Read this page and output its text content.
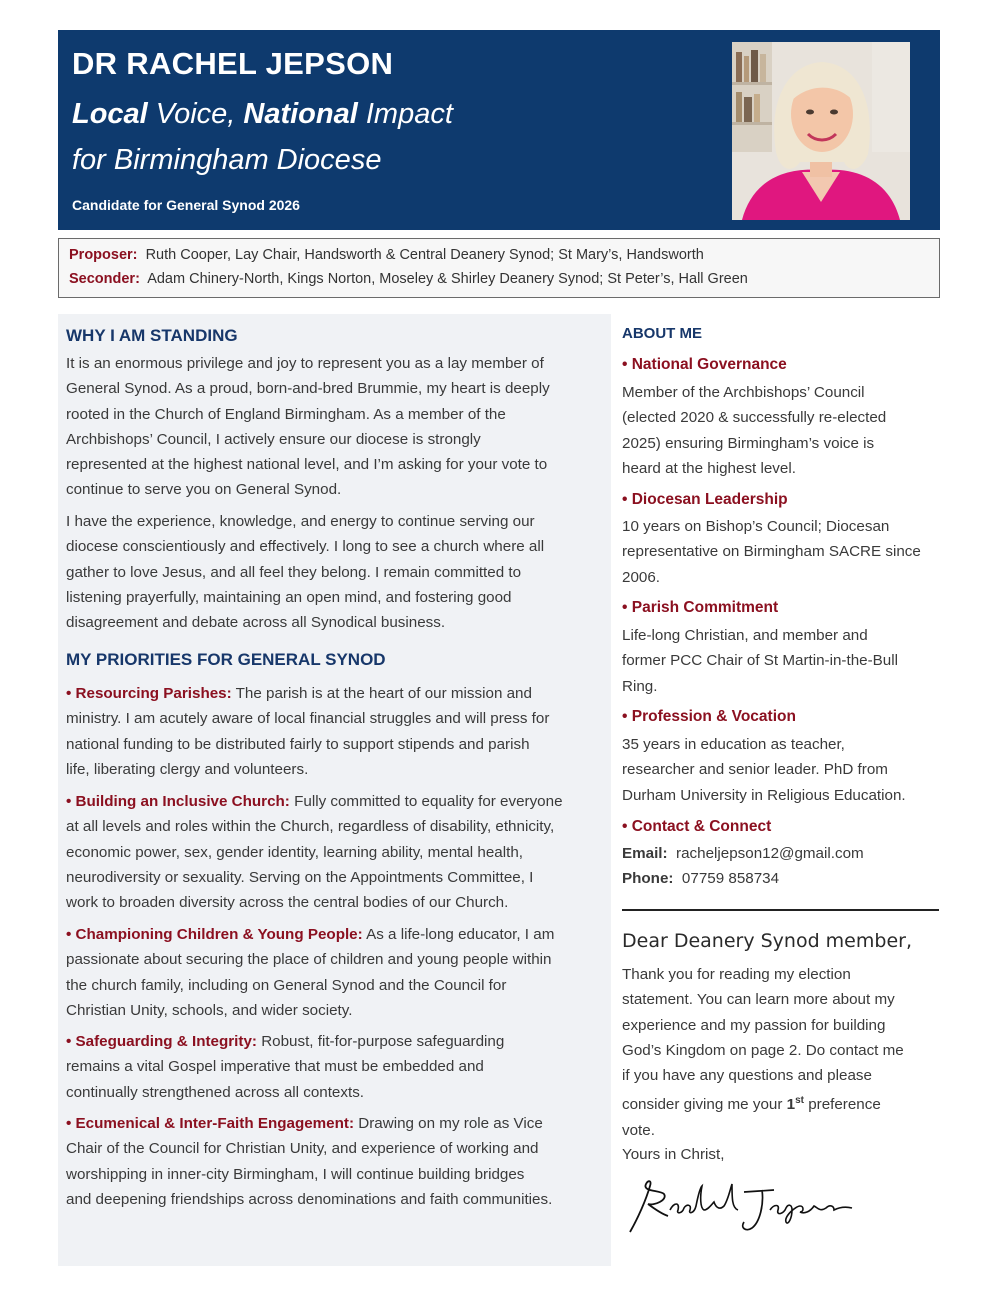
DR RACHEL JEPSON
Local Voice, National Impact
for Birmingham Diocese
Candidate for General Synod 2026
Proposer: Ruth Cooper, Lay Chair, Handsworth & Central Deanery Synod; St Mary’s, Handsworth
Seconder: Adam Chinery-North, Kings Norton, Moseley & Shirley Deanery Synod; St Peter’s, Hall Green
WHY I AM STANDING
It is an enormous privilege and joy to represent you as a lay member of
General Synod. As a proud, born-and-bred Brummie, my heart is deeply
rooted in the Church of England Birmingham. As a member of the
Archbishops’ Council, I actively ensure our diocese is strongly
represented at the highest national level, and I’m asking for your vote to
continue to serve you on General Synod.
I have the experience, knowledge, and energy to continue serving our
diocese conscientiously and effectively. I long to see a church where all
gather to love Jesus, and all feel they belong. I remain committed to
listening prayerfully, maintaining an open mind, and fostering good
disagreement and debate across all Synodical business.
MY PRIORITIES FOR GENERAL SYNOD
• Resourcing Parishes: The parish is at the heart of our mission and
ministry. I am acutely aware of local financial struggles and will press for
national funding to be distributed fairly to support stipends and parish
life, liberating clergy and volunteers.
• Building an Inclusive Church: Fully committed to equality for everyone
at all levels and roles within the Church, regardless of disability, ethnicity,
economic power, sex, gender identity, learning ability, mental health,
neurodiversity or sexuality. Serving on the Appointments Committee, I
work to broaden diversity across the central bodies of our Church.
• Championing Children & Young People: As a life-long educator, I am
passionate about securing the place of children and young people within
the church family, including on General Synod and the Council for
Christian Unity, schools, and wider society.
• Safeguarding & Integrity: Robust, fit-for-purpose safeguarding
remains a vital Gospel imperative that must be embedded and
continually strengthened across all contexts.
• Ecumenical & Inter-Faith Engagement: Drawing on my role as Vice
Chair of the Council for Christian Unity, and experience of working and
worshipping in inner-city Birmingham, I will continue building bridges
and deepening friendships across denominations and faith communities.
ABOUT ME
• National Governance
Member of the Archbishops’ Council
(elected 2020 & successfully re-elected
2025) ensuring Birmingham’s voice is
heard at the highest level.
• Diocesan Leadership
10 years on Bishop’s Council; Diocesan
representative on Birmingham SACRE since
2006.
• Parish Commitment
Life-long Christian, and member and
former PCC Chair of St Martin-in-the-Bull
Ring.
• Profession & Vocation
35 years in education as teacher,
researcher and senior leader. PhD from
Durham University in Religious Education.
• Contact & Connect
Email: racheljepson12@gmail.com
Phone: 07759 858734
Dear Deanery Synod member,
Thank you for reading my election
statement. You can learn more about my
experience and my passion for building
God’s Kingdom on page 2. Do contact me
if you have any questions and please
consider giving me your 1st preference
vote.
Yours in Christ,
